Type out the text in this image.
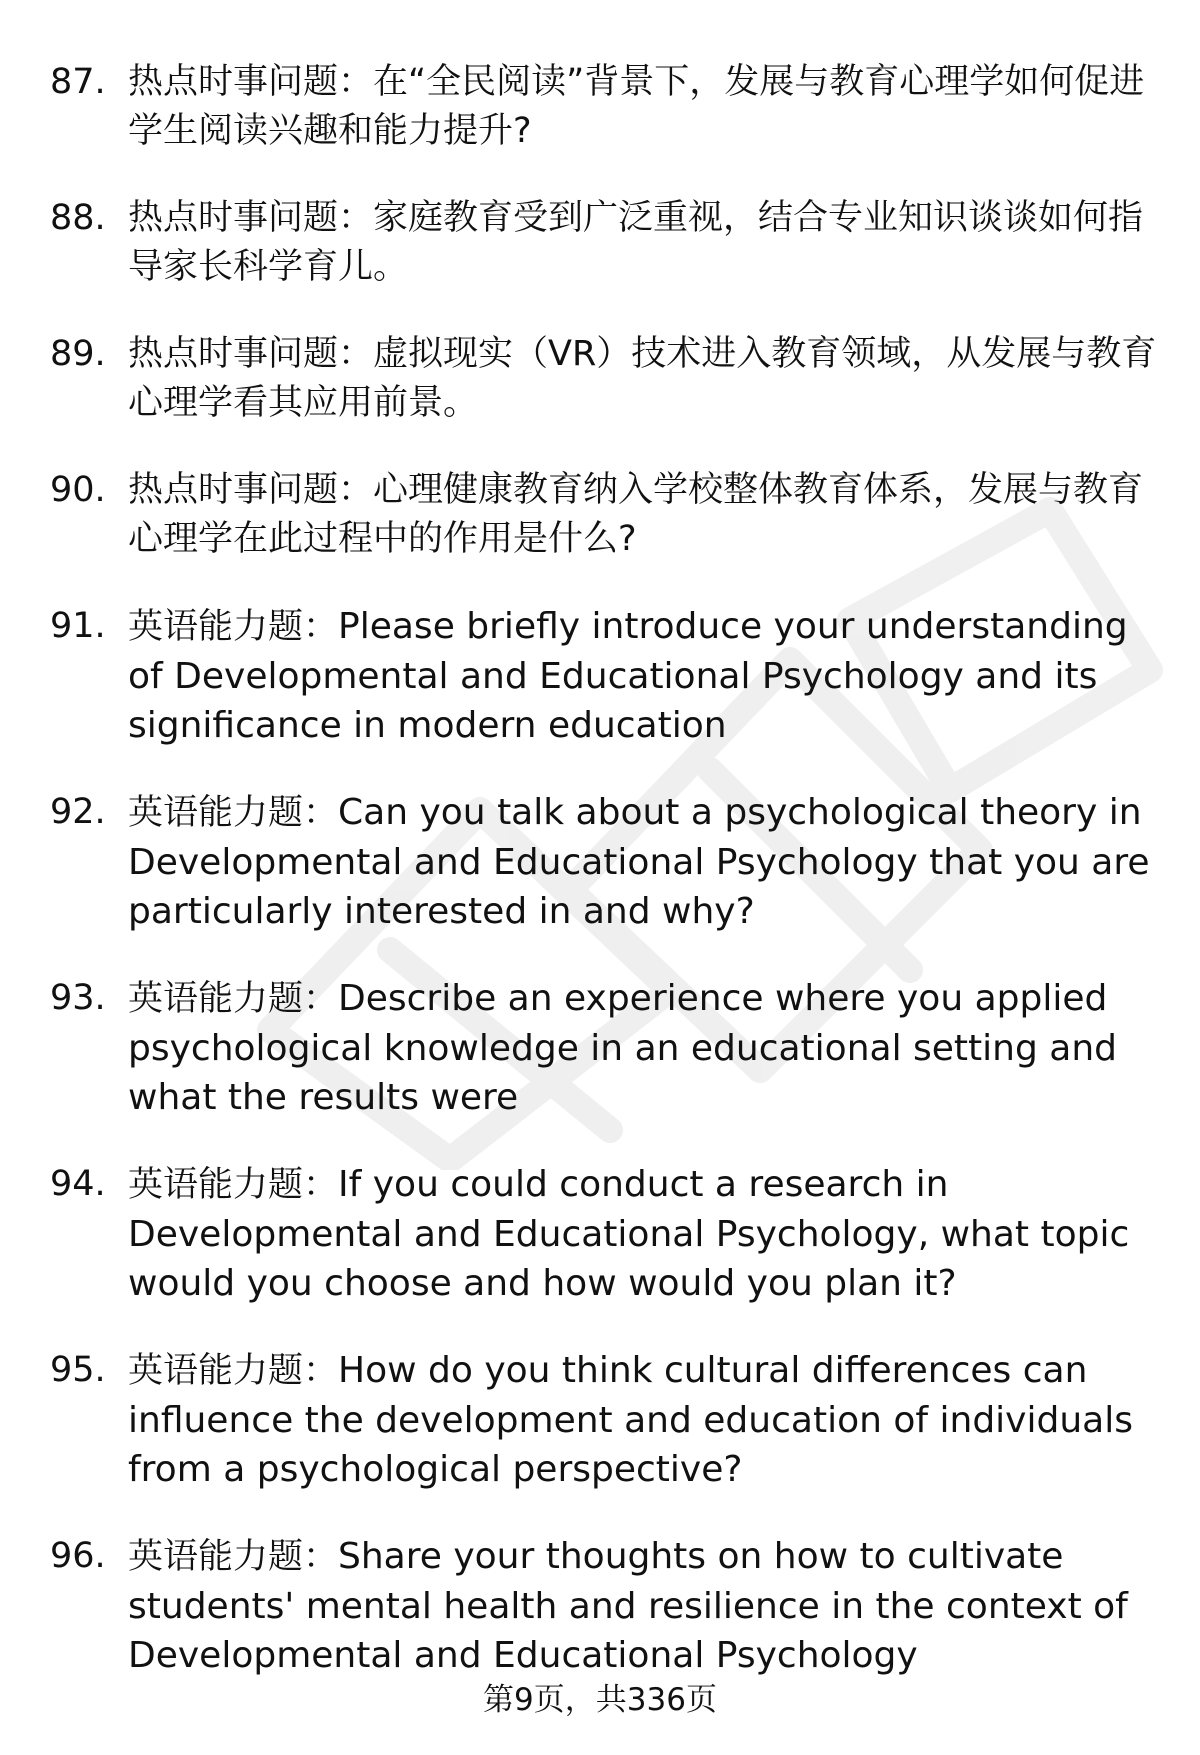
87. 热点时事问题：在“全民阅读”背景下，发展与教育心理学如何促进学生阅读兴趣和能力提升?
88. 热点时事问题：家庭教育受到广泛重视，结合专业知识谈谈如何指导家长科学育儿。
89. 热点时事问题：虚拟现实（VR）技术进入教育领域，从发展与教育心理学看其应用前景。
90. 热点时事问题：心理健康教育纳入学校整体教育体系，发展与教育心理学在此过程中的作用是什么?
91. 英语能力题：Please briefly introduce your understanding of Developmental and Educational Psychology and its significance in modern education
92. 英语能力题：Can you talk about a psychological theory in Developmental and Educational Psychology that you are particularly interested in and why?
93. 英语能力题：Describe an experience where you applied psychological knowledge in an educational setting and what the results were
94. 英语能力题：If you could conduct a research in Developmental and Educational Psychology, what topic would you choose and how would you plan it?
95. 英语能力题：How do you think cultural differences can influence the development and education of individuals from a psychological perspective?
96. 英语能力题：Share your thoughts on how to cultivate students' mental health and resilience in the context of Developmental and Educational Psychology
第9页，共336页
